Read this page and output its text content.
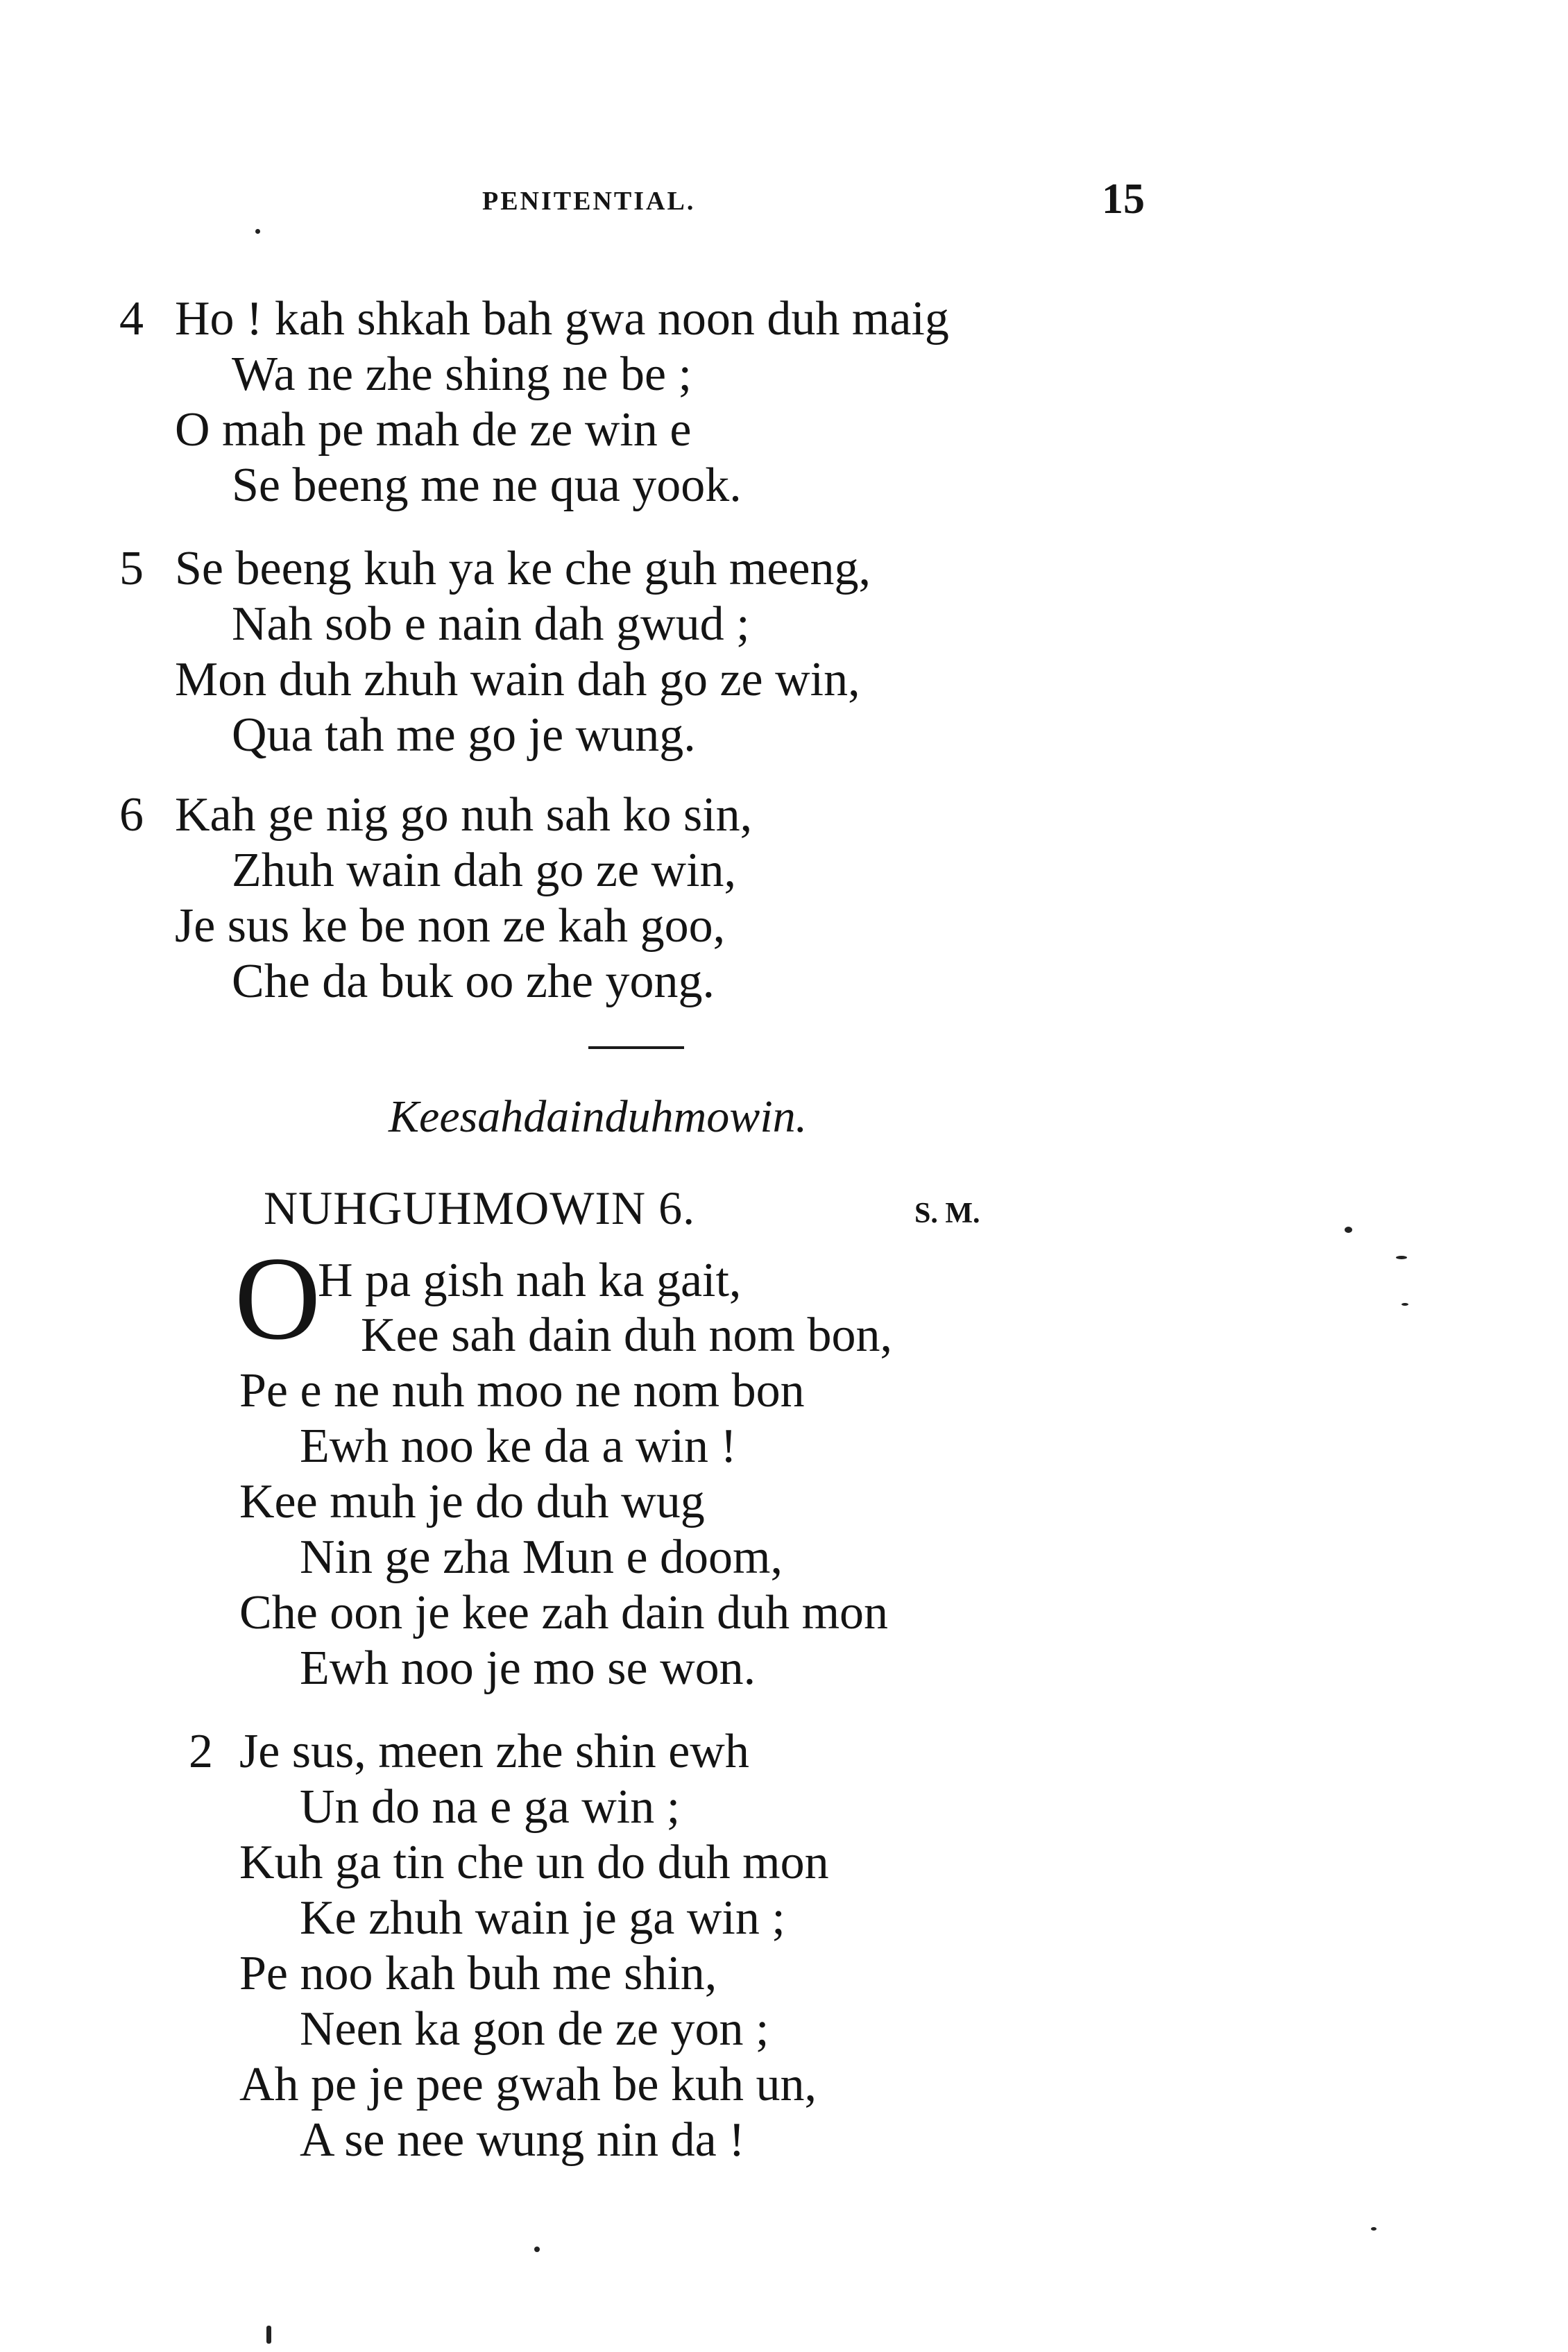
PENITENTIAL.	15
4 Ho ! kah shkah bah gwa noon duh maig
Wa ne zhe shing ne be ;
O mah pe mah de ze win e
Se beeng me ne qua yook.
5 Se beeng kuh ya ke che guh meeng,
Nah sob e nain dah gwud ;
Mon duh zhuh wain dah go ze win,
Qua tah me go je wung.
6 Kah ge nig go nuh sah ko sin,
Zhuh wain dah go ze win,
Je sus ke be non ze kah goo,
Che da buk oo zhe yong.
Keesahdainduhmowin.
NUHGUHMOWIN 6.	S. M.
O
H pa gish nah ka gait,
Kee sah dain duh nom bon,
Pe e ne nuh moo ne nom bon
Ewh noo ke da a win !
Kee muh je do duh wug
Nin ge zha Mun e doom,
Che oon je kee zah dain duh mon
Ewh noo je mo se won.
2 Je sus, meen zhe shin ewh
Un do na e ga win ;
Kuh ga tin che un do duh mon
Ke zhuh wain je ga win ;
Pe noo kah buh me shin,
Neen ka gon de ze yon ;
Ah pe je pee gwah be kuh un,
A se nee wung nin da !
